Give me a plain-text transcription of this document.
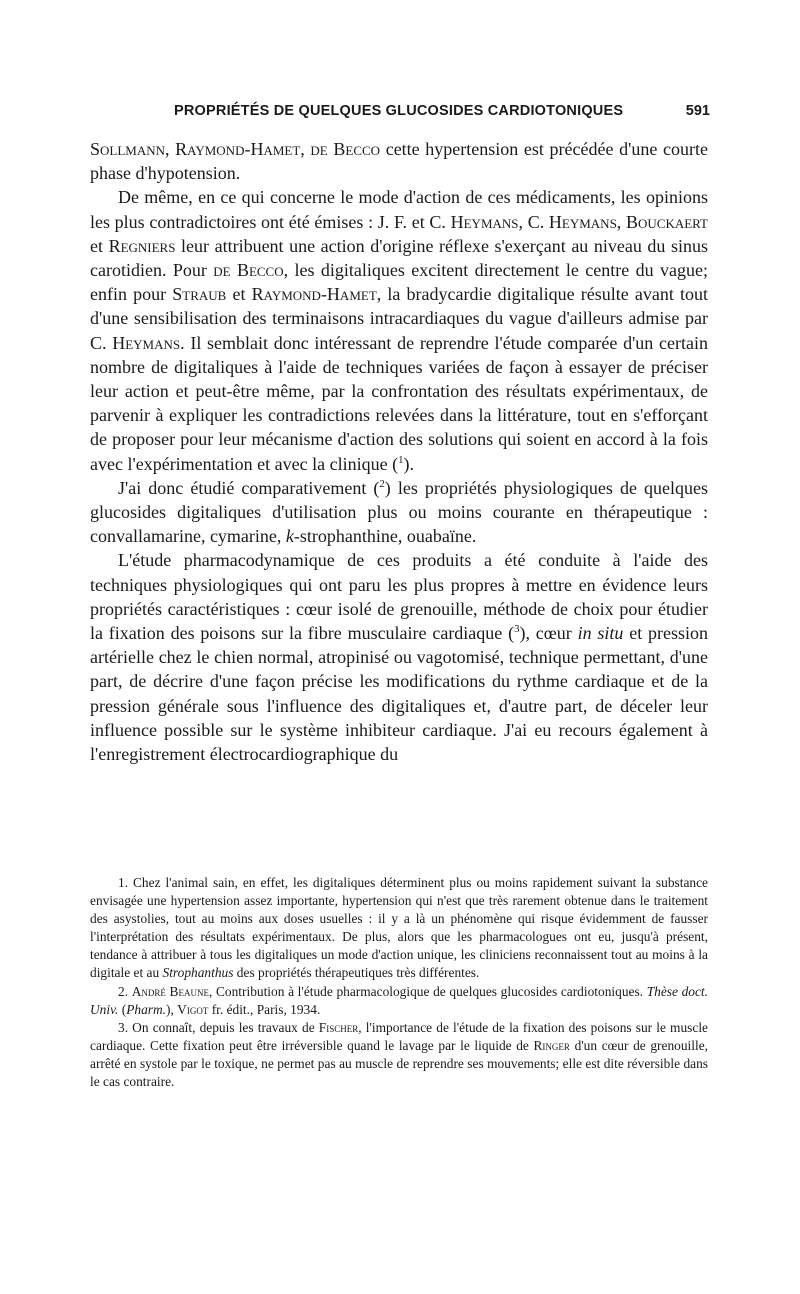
PROPRIÉTÉS DE QUELQUES GLUCOSIDES CARDIOTONIQUES	591

Sollmann, Raymond-Hamet, de Becco cette hypertension est précédée d'une courte phase d'hypotension.

De même, en ce qui concerne le mode d'action de ces médicaments, les opinions les plus contradictoires ont été émises : J. F. et C. Heymans, C. Heymans, Bouckaert et Regniers leur attribuent une action d'origine réflexe s'exerçant au niveau du sinus carotidien. Pour de Becco, les digitaliques excitent directement le centre du vague; enfin pour Straub et Raymond-Hamet, la bradycardie digitalique résulte avant tout d'une sensibilisation des terminaisons intracardiaques du vague d'ailleurs admise par C. Heymans. Il semblait donc intéressant de reprendre l'étude comparée d'un certain nombre de digitaliques à l'aide de techniques variées de façon à essayer de préciser leur action et peut-être même, par la confrontation des résultats expérimentaux, de parvenir à expliquer les contradictions relevées dans la littérature, tout en s'efforçant de proposer pour leur mécanisme d'action des solutions qui soient en accord à la fois avec l'expérimentation et avec la clinique ($^1$).

J'ai donc étudié comparativement ($^2$) les propriétés physiologiques de quelques glucosides digitaliques d'utilisation plus ou moins courante en thérapeutique : convallamarine, cymarine, k-strophanthine, ouabaïne.

L'étude pharmacodynamique de ces produits a été conduite à l'aide des techniques physiologiques qui ont paru les plus propres à mettre en évidence leurs propriétés caractéristiques : cœur isolé de grenouille, méthode de choix pour étudier la fixation des poisons sur la fibre musculaire cardiaque ($^3$), cœur in situ et pression artérielle chez le chien normal, atropinisé ou vagotomisé, technique permettant, d'une part, de décrire d'une façon précise les modifications du rythme cardiaque et de la pression générale sous l'influence des digitaliques et, d'autre part, de déceler leur influence possible sur le système inhibiteur cardiaque. J'ai eu recours également à l'enregistrement électrocardiographique du

1. Chez l'animal sain, en effet, les digitaliques déterminent plus ou moins rapidement suivant la substance envisagée une hypertension assez importante, hypertension qui n'est que très rarement obtenue dans le traitement des asystolies, tout au moins aux doses usuelles : il y a là un phénomène qui risque évidemment de fausser l'interprétation des résultats expérimentaux. De plus, alors que les pharmacologues ont eu, jusqu'à présent, tendance à attribuer à tous les digitaliques un mode d'action unique, les cliniciens reconnaissent tout au moins à la digitale et au Strophanthus des propriétés thérapeutiques très différentes.

2. André Beaune, Contribution à l'étude pharmacologique de quelques glucosides cardiotoniques. Thèse doct. Univ. (Pharm.), Vigot fr. édit., Paris, 1934.

3. On connaît, depuis les travaux de Fischer, l'importance de l'étude de la fixation des poisons sur le muscle cardiaque. Cette fixation peut être irréversible quand le lavage par le liquide de Ringer d'un cœur de grenouille, arrêté en systole par le toxique, ne permet pas au muscle de reprendre ses mouvements; elle est dite réversible dans le cas contraire.
